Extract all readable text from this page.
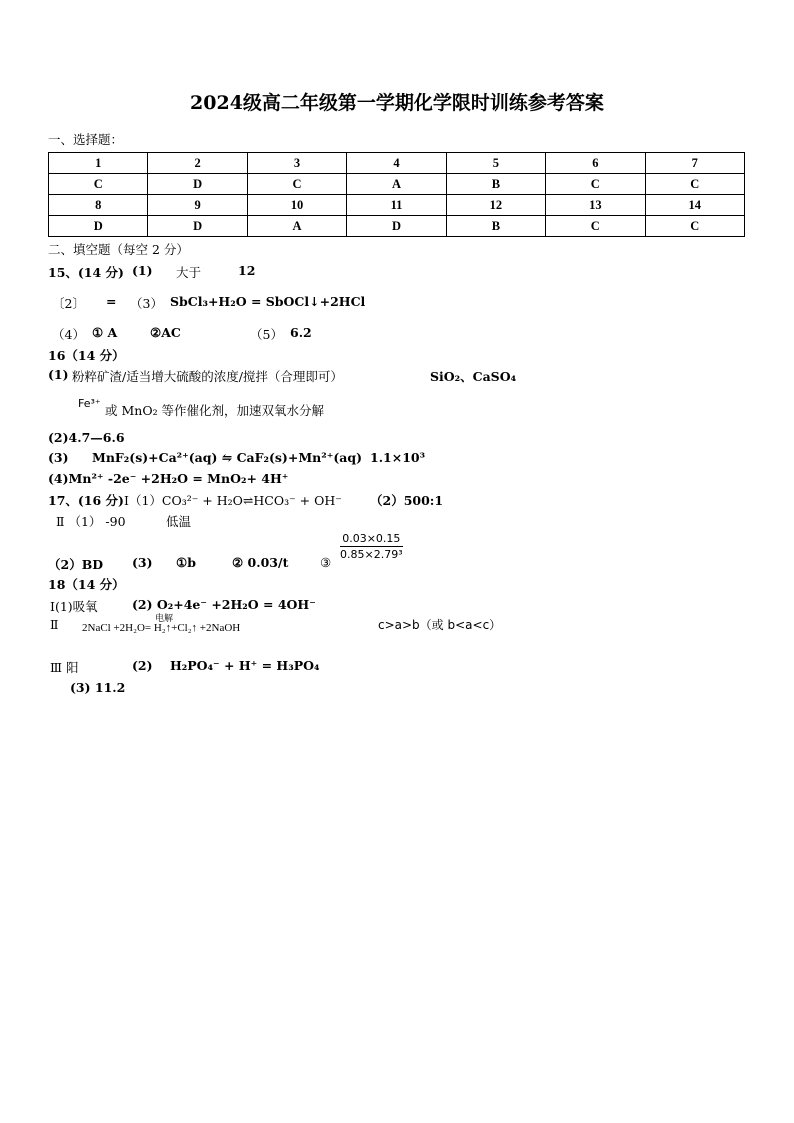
2024级高二年级第一学期化学限时训练参考答案
一、选择题：
1	2	3	4	5	6	7
C	D	C	A	B	C	C
8	9	10	11	12	13	14
D	D	A	D	B	C	C
二、填空题（每空 2 分）
15、(14 分) (1) 大于	12
〔2〕 = （3） SbCl₃+H₂O = SbOCl↓+2HCl
（4） ① A	②AC	（5） 6.2
16（14 分）
(1) 粉粹矿渣/适当增大硫酸的浓度/搅拌（合理即可）	SiO₂、CaSO₄
Fe³⁺ 或 MnO₂ 等作催化剂，加速双氧水分解
(2)4.7—6.6
(3) MnF₂(s)+Ca²⁺(aq) ⇋ CaF₂(s)+Mn²⁺(aq) 1.1×10³
(4)Mn²⁺ -2e⁻ +2H₂O = MnO₂+ 4H⁺
17、(16 分) Ⅰ（1）CO₃²⁻ + H₂O⇌HCO₃⁻ + OH⁻ （2）500:1
Ⅱ （1） -90	低温
（2）BD (3) ①b	② 0.03/t	③
$\frac{0.03\times 0.15}{\text{0.85×2.79³}}$
18（14 分）
Ⅰ(1)吸氧	(2) O₂+4e⁻ +2H₂O = 4OH⁻
Ⅱ	电解
2NaCl +2H₂O= H₂↑+Cl₂↑ +2NaOH	c>a>b（或 b<a<c）
Ⅲ 阳	(2) H₂PO₄⁻ + H⁺ = H₃PO₄
(3) 11.2
